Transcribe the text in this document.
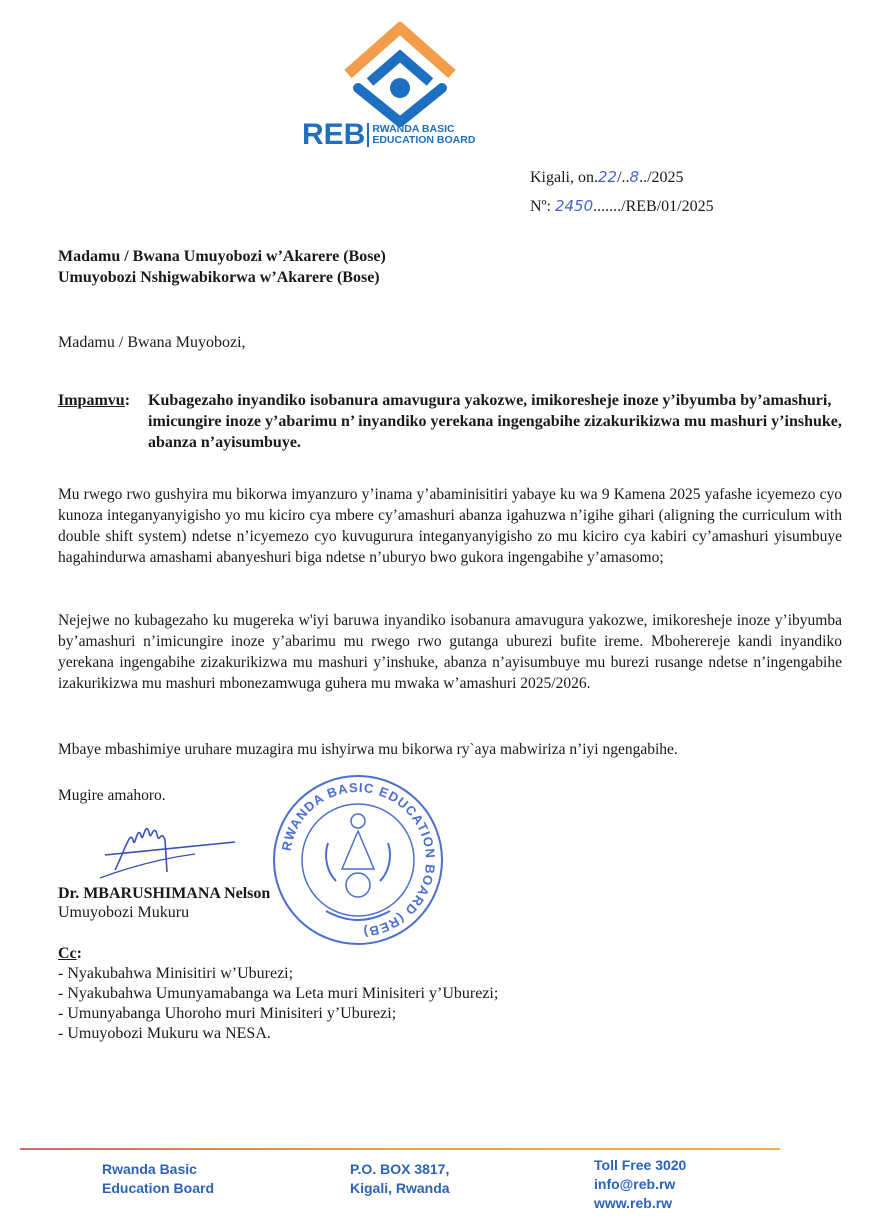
REB RWANDA BASIC
EDUCATION BOARD
Kigali, on.22/..8../2025
Nº: 2450......./REB/01/2025
Madamu / Bwana Umuyobozi w’Akarere (Bose)
Umuyobozi Nshigwabikorwa w’Akarere (Bose)
Madamu / Bwana Muyobozi,
Impamvu: Kubagezaho inyandiko isobanura amavugura yakozwe, imikoresheje inoze y’ibyumba by’amashuri, imicungire inoze y’abarimu n’ inyandiko yerekana ingengabihe zizakurikizwa mu mashuri y’inshuke, abanza n’ayisumbuye.
Mu rwego rwo gushyira mu bikorwa imyanzuro y’inama y’abaminisitiri yabaye ku wa 9 Kamena 2025 yafashe icyemezo cyo kunoza integanyanyigisho yo mu kiciro cya mbere cy’amashuri abanza igahuzwa n’igihe gihari (aligning the curriculum with double shift system) ndetse n’icyemezo cyo kuvugurura integanyanyigisho zo mu kiciro cya kabiri cy’amashuri yisumbuye hagahindurwa amashami abanyeshuri biga ndetse n’uburyo bwo gukora ingengabihe y’amasomo;
Nejejwe no kubagezaho ku mugereka w'iyi baruwa inyandiko isobanura amavugura yakozwe, imikoresheje inoze y’ibyumba by’amashuri n’imicungire inoze y’abarimu mu rwego rwo gutanga uburezi bufite ireme. Mboherereje kandi inyandiko yerekana ingengabihe zizakurikizwa mu mashuri y’inshuke, abanza n’ayisumbuye mu burezi rusange ndetse n’ingengabihe izakurikizwa mu mashuri mbonezamwuga guhera mu mwaka w’amashuri 2025/2026.
Mbaye mbashimiye uruhare muzagira mu ishyirwa mu bikorwa ry`aya mabwiriza n’iyi ngengabihe.
Mugire amahoro.
RWANDA BASIC EDUCATION BOARD (REB)
Dr. MBARUSHIMANA Nelson
Umuyobozi Mukuru
Cc:
- Nyakubahwa Minisitiri w’Uburezi;
- Nyakubahwa Umunyamabanga wa Leta muri Minisiteri y’Uburezi;
- Umunyabanga Uhoroho muri Minisiteri y’Uburezi;
- Umuyobozi Mukuru wa NESA.
Rwanda Basic
Education Board
P.O. BOX 3817,
Kigali, Rwanda
Toll Free 3020
info@reb.rw
www.reb.rw
